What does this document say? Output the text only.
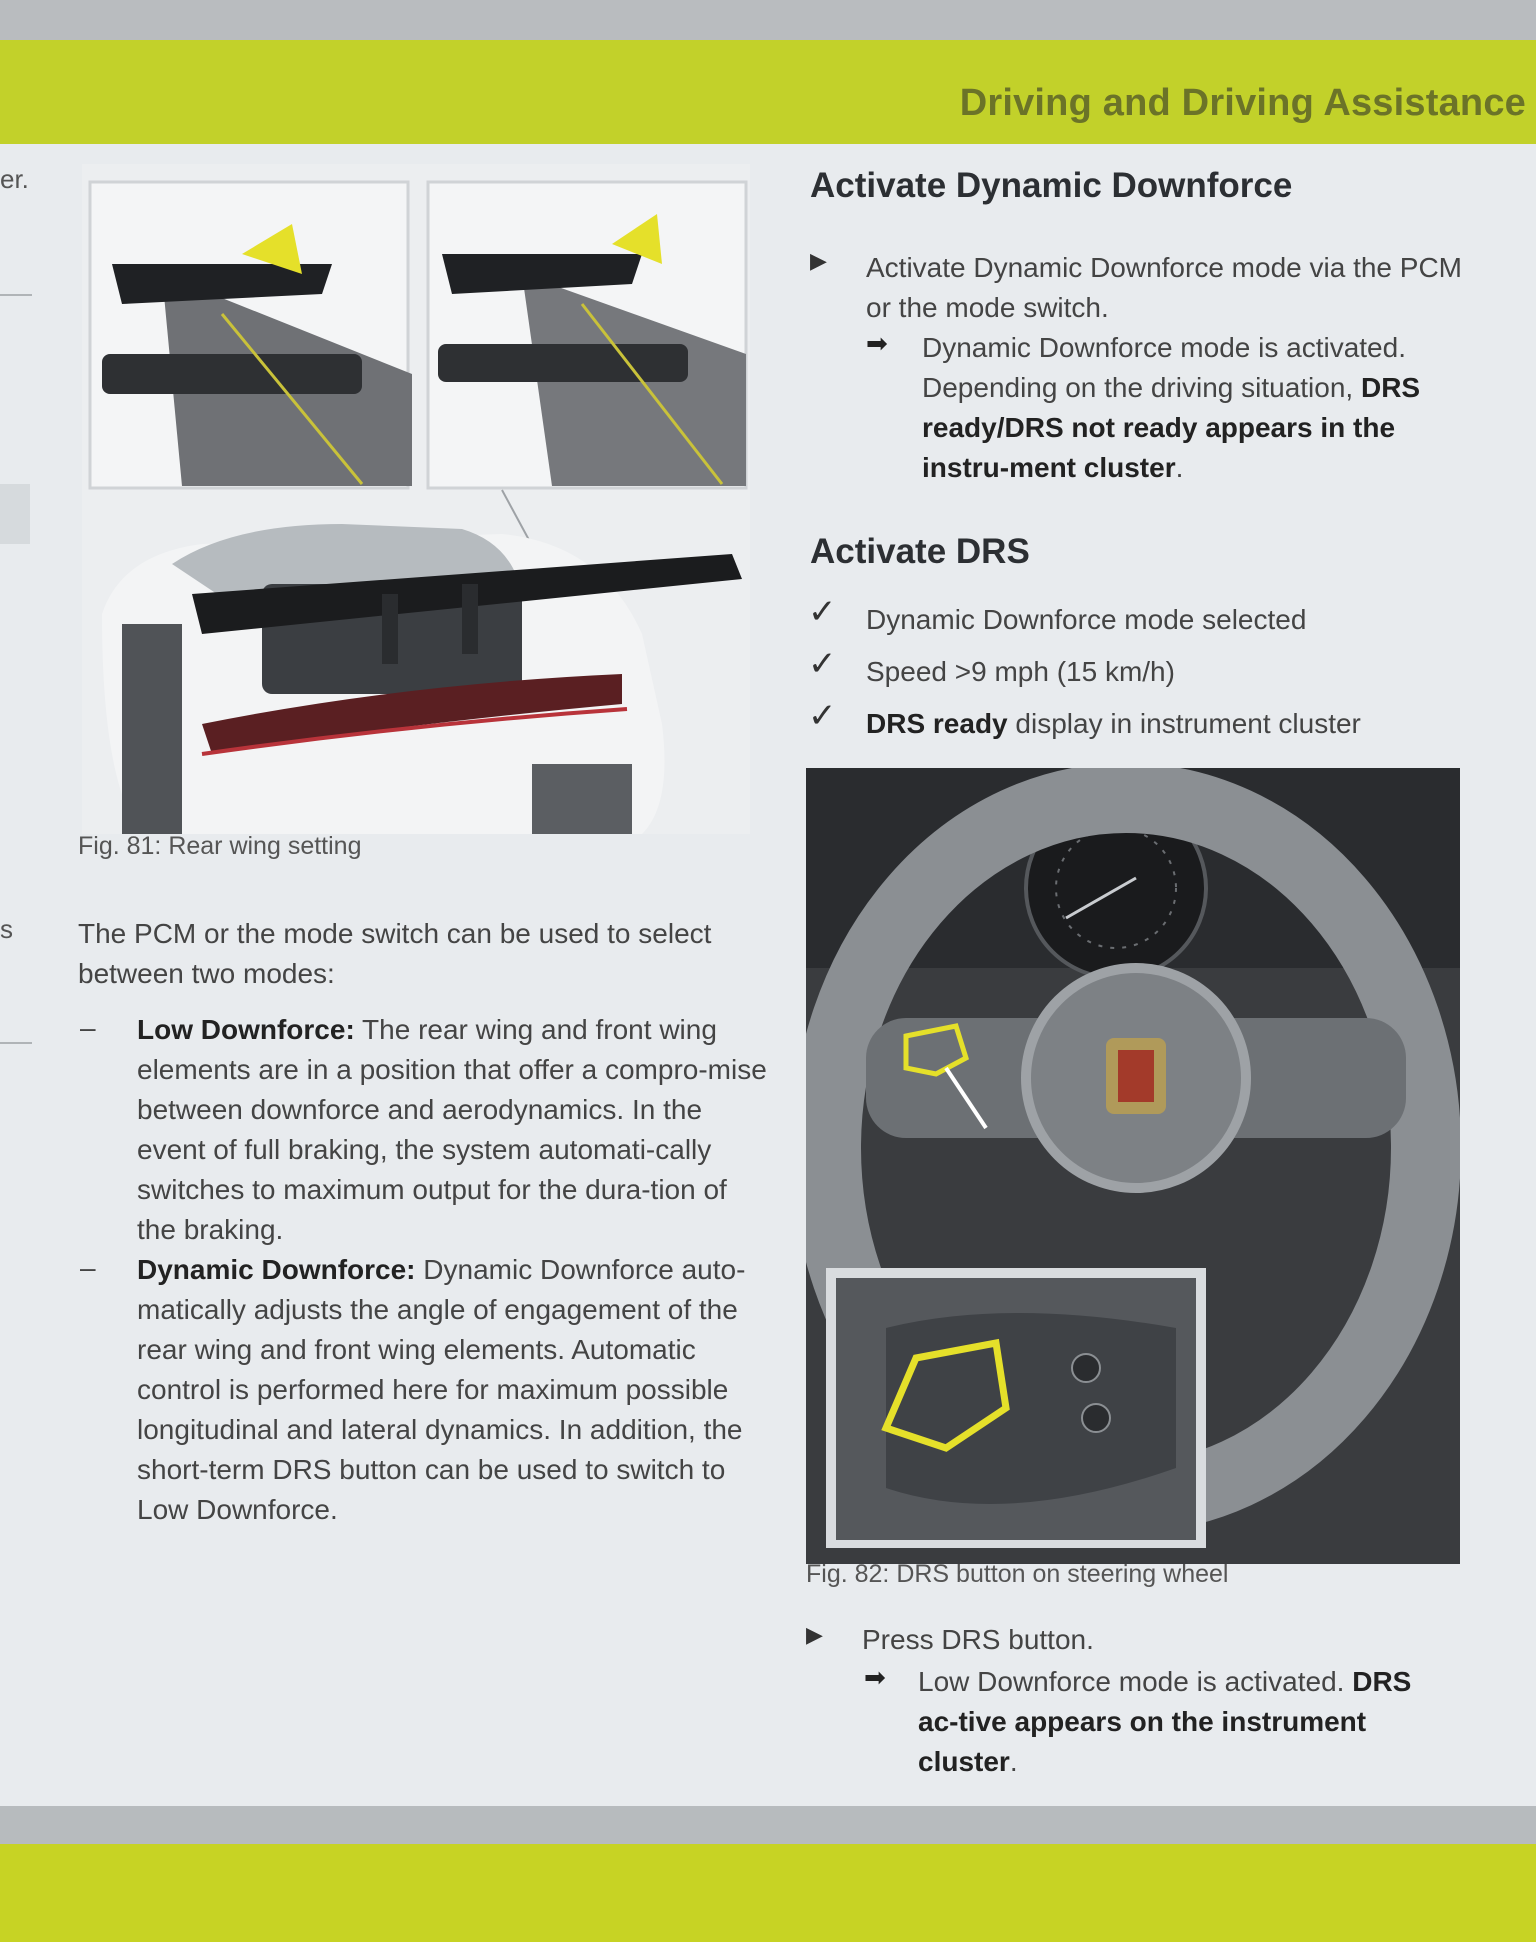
Driving and Driving Assistance
er.
s
Fig. 81: Rear wing setting
The PCM or the mode switch can be used to select between two modes:
– Low Downforce: The rear wing and front wing elements are in a position that offer a compro-mise between downforce and aerodynamics. In the event of full braking, the system automati-cally switches to maximum output for the dura-tion of the braking.
– Dynamic Downforce: Dynamic Downforce auto- matically adjusts the angle of engagement of the rear wing and front wing elements. Automatic control is performed here for maximum possible longitudinal and lateral dynamics. In addition, the short-term DRS button can be used to switch to Low Downforce.
Activate Dynamic Downforce
▶ Activate Dynamic Downforce mode via the PCM or the mode switch.
➡ Dynamic Downforce mode is activated. Depending on the driving situation, DRS ready/DRS not ready appears in the instru-ment cluster.
Activate DRS
✓ Dynamic Downforce mode selected
✓ Speed >9 mph (15 km/h)
✓ DRS ready display in instrument cluster
Fig. 82: DRS button on steering wheel
▶ Press DRS button.
➡ Low Downforce mode is activated. DRS ac-tive appears on the instrument cluster.
